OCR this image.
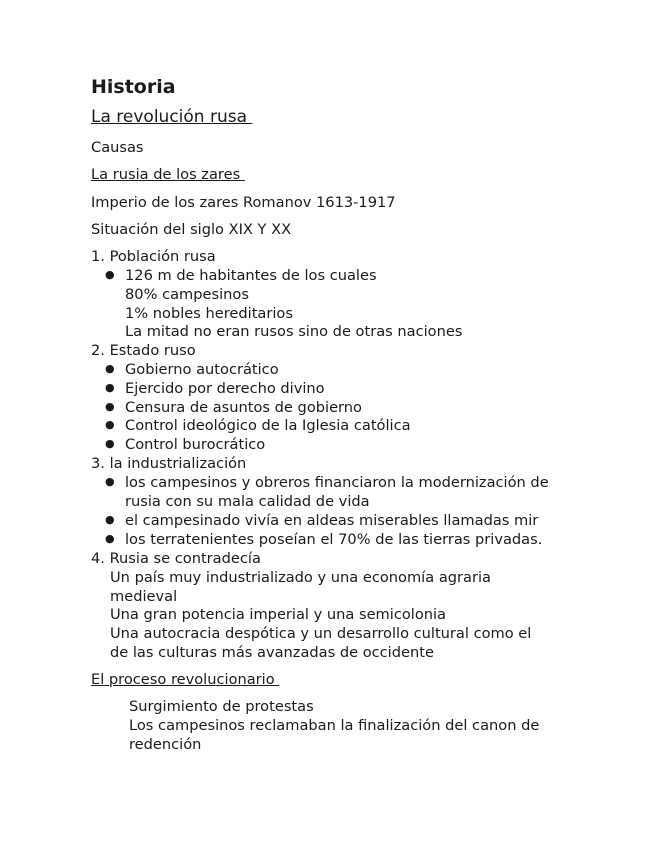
Historia
La revolución rusa
Causas
La rusia de los zares
Imperio de los zares Romanov 1613-1917
Situación del siglo XIX Y XX
1. Población rusa
● 126 m de habitantes de los cuales
80% campesinos
1% nobles hereditarios
La mitad no eran rusos sino de otras naciones
2. Estado ruso
● Gobierno autocrático
● Ejercido por derecho divino
● Censura de asuntos de gobierno
● Control ideológico de la Iglesia católica
● Control burocrático
3. la industrialización
● los campesinos y obreros financiaron la modernización de
rusia con su mala calidad de vida
● el campesinado vivía en aldeas miserables llamadas mir
● los terratenientes poseían el 70% de las tierras privadas.
4. Rusia se contradecía
Un país muy industrializado y una economía agraria
medieval
Una gran potencia imperial y una semicolonia
Una autocracia despótica y un desarrollo cultural como el
de las culturas más avanzadas de occidente
El proceso revolucionario
Surgimiento de protestas
Los campesinos reclamaban la finalización del canon de
redención
